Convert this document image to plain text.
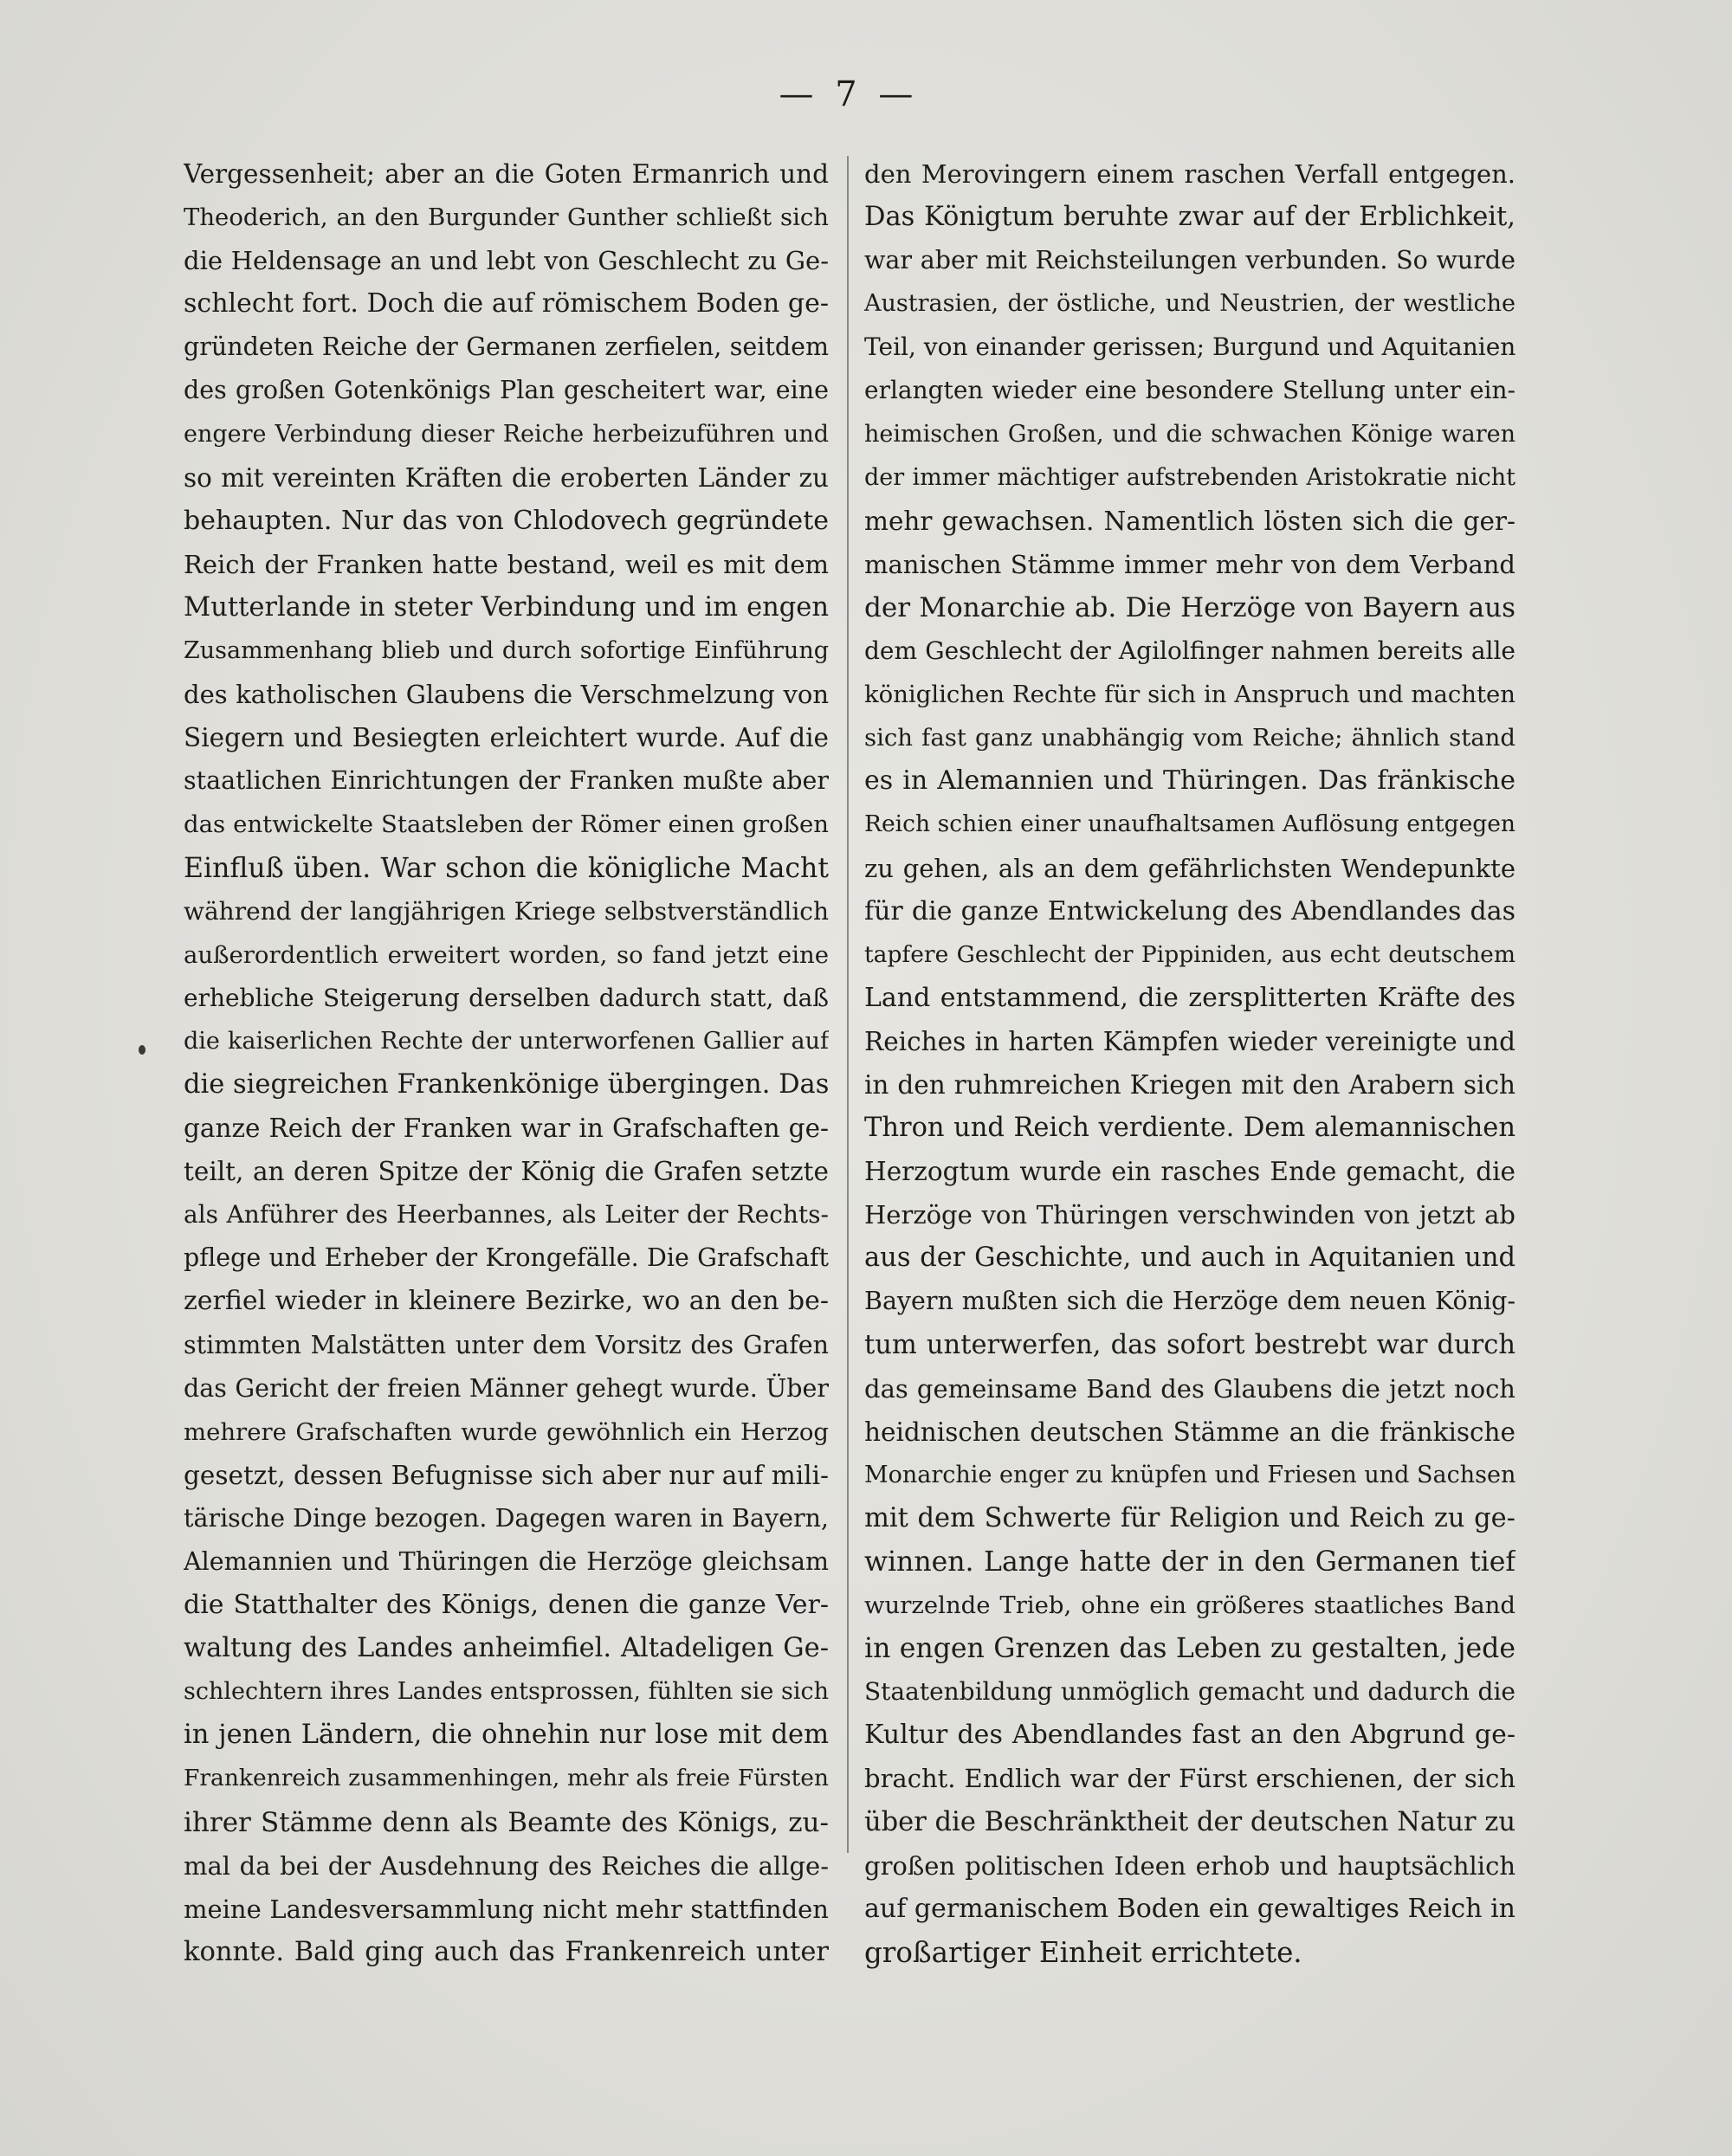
— 7 —
Vergessenheit; aber an die Goten Ermanrich und
Theoderich, an den Burgunder Gunther schließt sich
die Heldensage an und lebt von Geschlecht zu Ge-
schlecht fort. Doch die auf römischem Boden ge-
gründeten Reiche der Germanen zerfielen, seitdem
des großen Gotenkönigs Plan gescheitert war, eine
engere Verbindung dieser Reiche herbeizuführen und
so mit vereinten Kräften die eroberten Länder zu
behaupten. Nur das von Chlodovech gegründete
Reich der Franken hatte bestand, weil es mit dem
Mutterlande in steter Verbindung und im engen
Zusammenhang blieb und durch sofortige Einführung
des katholischen Glaubens die Verschmelzung von
Siegern und Besiegten erleichtert wurde. Auf die
staatlichen Einrichtungen der Franken mußte aber
das entwickelte Staatsleben der Römer einen großen
Einfluß üben. War schon die königliche Macht
während der langjährigen Kriege selbstverständlich
außerordentlich erweitert worden, so fand jetzt eine
erhebliche Steigerung derselben dadurch statt, daß
die kaiserlichen Rechte der unterworfenen Gallier auf
die siegreichen Frankenkönige übergingen. Das
ganze Reich der Franken war in Grafschaften ge-
teilt, an deren Spitze der König die Grafen setzte
als Anführer des Heerbannes, als Leiter der Rechts-
pflege und Erheber der Krongefälle. Die Grafschaft
zerfiel wieder in kleinere Bezirke, wo an den be-
stimmten Malstätten unter dem Vorsitz des Grafen
das Gericht der freien Männer gehegt wurde. Über
mehrere Grafschaften wurde gewöhnlich ein Herzog
gesetzt, dessen Befugnisse sich aber nur auf mili-
tärische Dinge bezogen. Dagegen waren in Bayern,
Alemannien und Thüringen die Herzöge gleichsam
die Statthalter des Königs, denen die ganze Ver-
waltung des Landes anheimfiel. Altadeligen Ge-
schlechtern ihres Landes entsprossen, fühlten sie sich
in jenen Ländern, die ohnehin nur lose mit dem
Frankenreich zusammenhingen, mehr als freie Fürsten
ihrer Stämme denn als Beamte des Königs, zu-
mal da bei der Ausdehnung des Reiches die allge-
meine Landesversammlung nicht mehr stattfinden
konnte. Bald ging auch das Frankenreich unter
den Merovingern einem raschen Verfall entgegen.
Das Königtum beruhte zwar auf der Erblichkeit,
war aber mit Reichsteilungen verbunden. So wurde
Austrasien, der östliche, und Neustrien, der westliche
Teil, von einander gerissen; Burgund und Aquitanien
erlangten wieder eine besondere Stellung unter ein-
heimischen Großen, und die schwachen Könige waren
der immer mächtiger aufstrebenden Aristokratie nicht
mehr gewachsen. Namentlich lösten sich die ger-
manischen Stämme immer mehr von dem Verband
der Monarchie ab. Die Herzöge von Bayern aus
dem Geschlecht der Agilolfinger nahmen bereits alle
königlichen Rechte für sich in Anspruch und machten
sich fast ganz unabhängig vom Reiche; ähnlich stand
es in Alemannien und Thüringen. Das fränkische
Reich schien einer unaufhaltsamen Auflösung entgegen
zu gehen, als an dem gefährlichsten Wendepunkte
für die ganze Entwickelung des Abendlandes das
tapfere Geschlecht der Pippiniden, aus echt deutschem
Land entstammend, die zersplitterten Kräfte des
Reiches in harten Kämpfen wieder vereinigte und
in den ruhmreichen Kriegen mit den Arabern sich
Thron und Reich verdiente. Dem alemannischen
Herzogtum wurde ein rasches Ende gemacht, die
Herzöge von Thüringen verschwinden von jetzt ab
aus der Geschichte, und auch in Aquitanien und
Bayern mußten sich die Herzöge dem neuen König-
tum unterwerfen, das sofort bestrebt war durch
das gemeinsame Band des Glaubens die jetzt noch
heidnischen deutschen Stämme an die fränkische
Monarchie enger zu knüpfen und Friesen und Sachsen
mit dem Schwerte für Religion und Reich zu ge-
winnen. Lange hatte der in den Germanen tief
wurzelnde Trieb, ohne ein größeres staatliches Band
in engen Grenzen das Leben zu gestalten, jede
Staatenbildung unmöglich gemacht und dadurch die
Kultur des Abendlandes fast an den Abgrund ge-
bracht. Endlich war der Fürst erschienen, der sich
über die Beschränktheit der deutschen Natur zu
großen politischen Ideen erhob und hauptsächlich
auf germanischem Boden ein gewaltiges Reich in
großartiger Einheit errichtete.
